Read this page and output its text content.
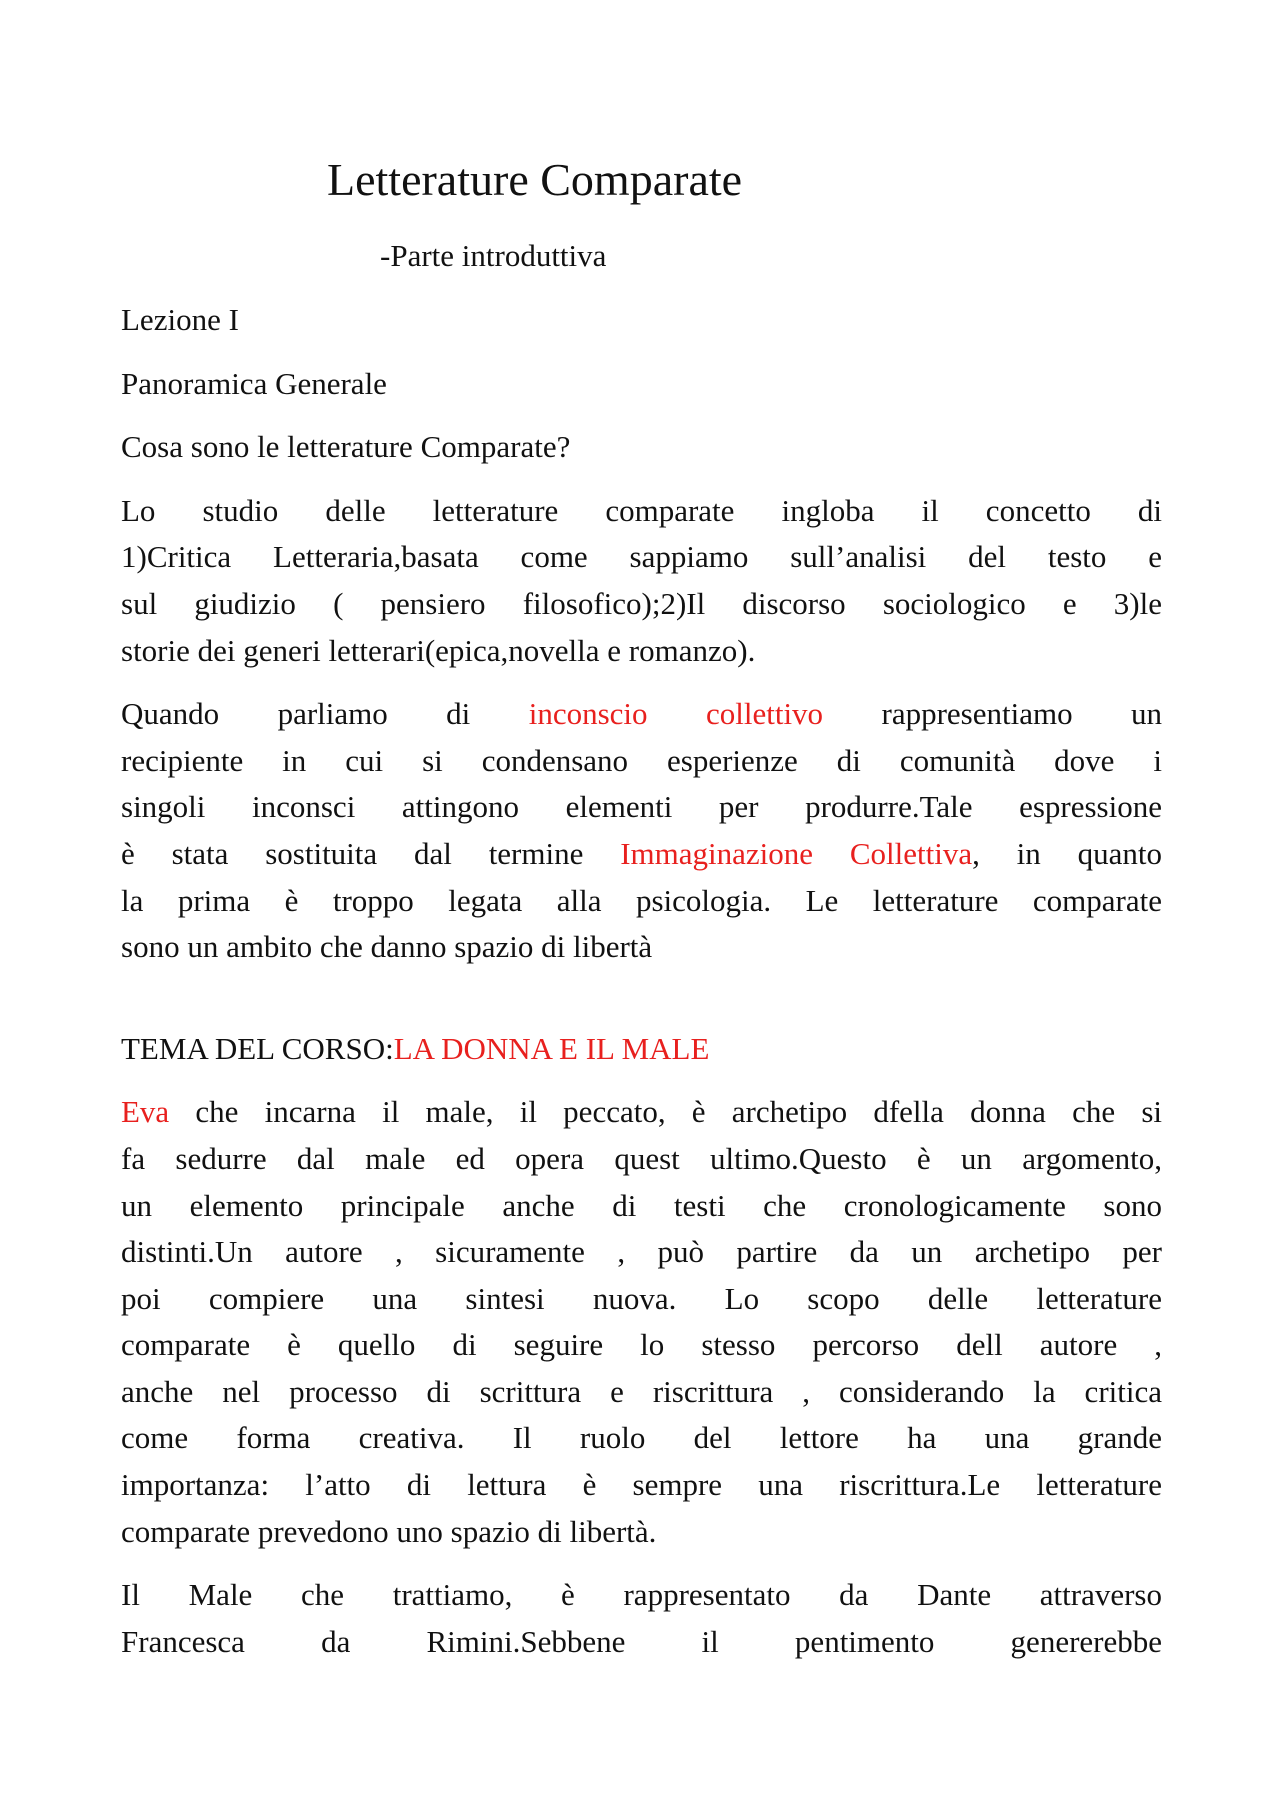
Letterature Comparate
-Parte introduttiva

Lezione I

Panoramica Generale

Cosa sono le letterature Comparate?

Lo studio delle letterature comparate ingloba il concetto di
1)Critica Letteraria,basata come sappiamo sull’analisi del testo e
sul giudizio ( pensiero filosofico);2)Il discorso sociologico e 3)le
storie dei generi letterari(epica,novella e romanzo).

Quando parliamo di inconscio collettivo rappresentiamo un
recipiente in cui si condensano esperienze di comunità dove i
singoli inconsci attingono elementi per produrre.Tale espressione
è stata sostituita dal termine Immaginazione Collettiva, in quanto
la prima è troppo legata alla psicologia. Le letterature comparate
sono un ambito che danno spazio di libertà

TEMA DEL CORSO:LA DONNA E IL MALE

Eva che incarna il male, il peccato, è archetipo dfella donna che si
fa sedurre dal male ed opera quest ultimo.Questo è un argomento,
un elemento principale anche di testi che cronologicamente sono
distinti.Un autore , sicuramente , può partire da un archetipo per
poi compiere una sintesi nuova. Lo scopo delle letterature
comparate è quello di seguire lo stesso percorso dell autore ,
anche nel processo di scrittura e riscrittura , considerando la critica
come forma creativa. Il ruolo del lettore ha una grande
importanza: l’atto di lettura è sempre una riscrittura.Le letterature
comparate prevedono uno spazio di libertà.

Il Male che trattiamo, è rappresentato da Dante attraverso
Francesca da Rimini.Sebbene il pentimento genererebbe
